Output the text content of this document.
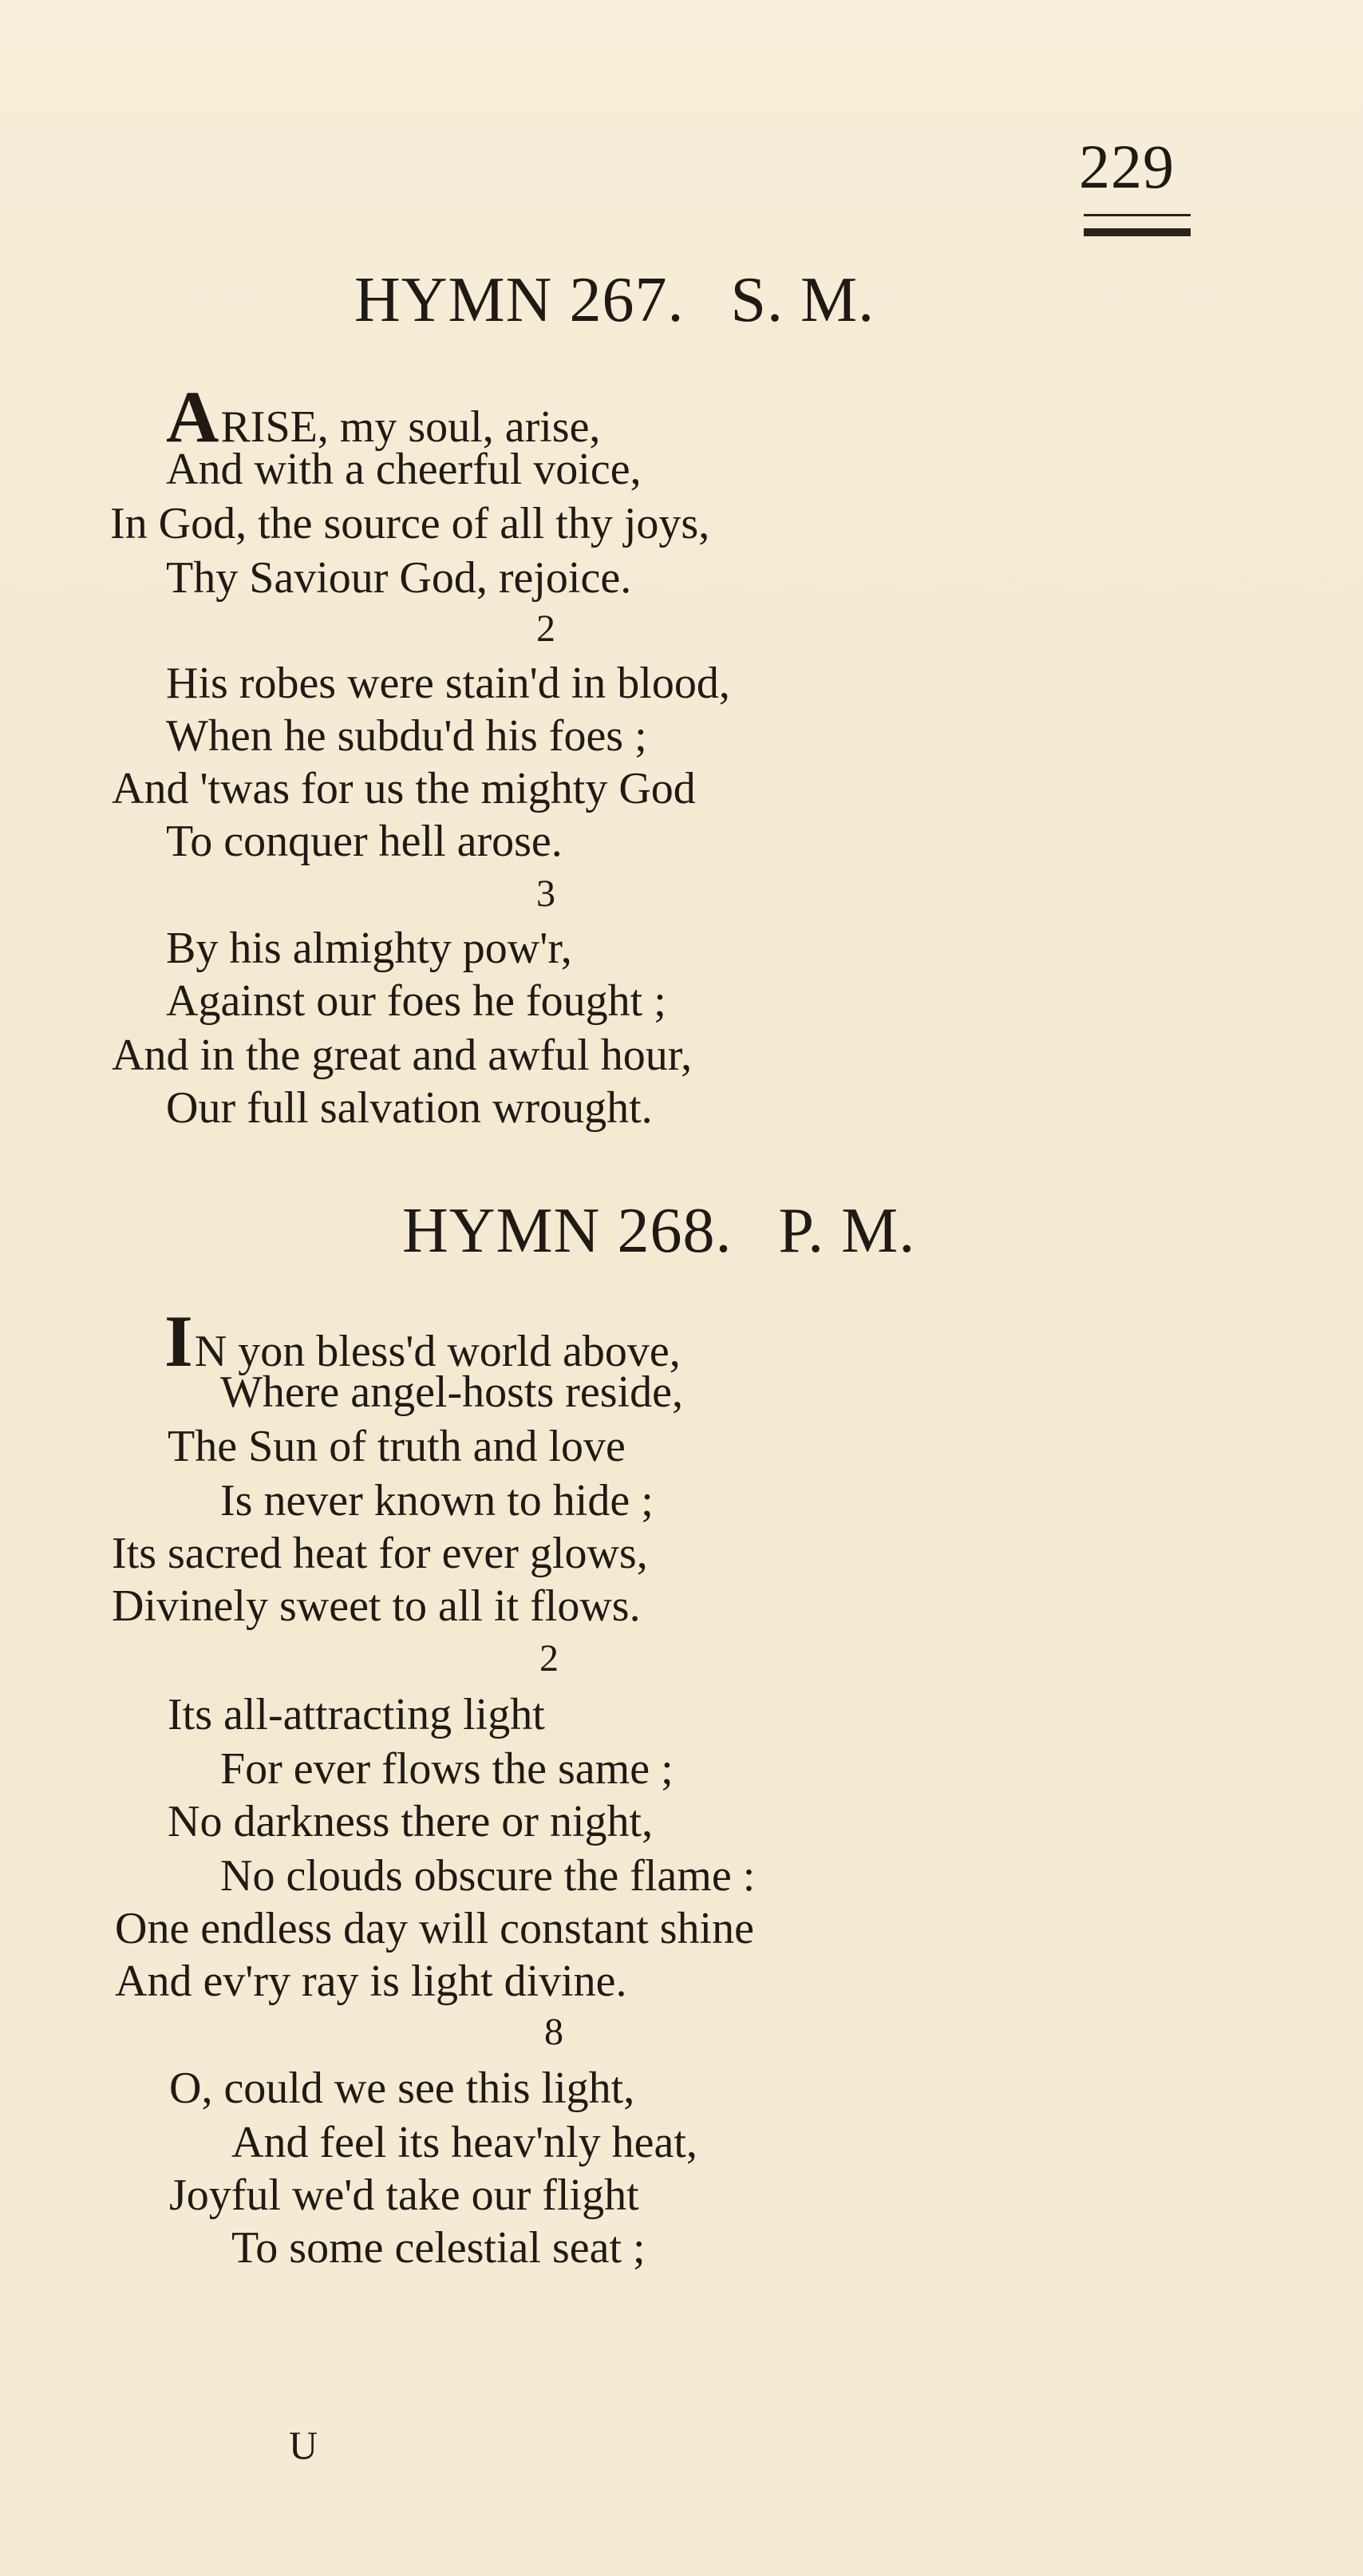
229
HYMN 267. S. M.
ARISE, my soul, arise,
And with a cheerful voice,
In God, the source of all thy joys,
Thy Saviour God, rejoice.
2
His robes were stain'd in blood,
When he subdu'd his foes ;
And 'twas for us the mighty God
To conquer hell arose.
3
By his almighty pow'r,
Against our foes he fought ;
And in the great and awful hour,
Our full salvation wrought.
HYMN 268. P. M.
IN yon bless'd world above,
Where angel-hosts reside,
The Sun of truth and love
Is never known to hide ;
Its sacred heat for ever glows,
Divinely sweet to all it flows.
2
Its all-attracting light
For ever flows the same ;
No darkness there or night,
No clouds obscure the flame :
One endless day will constant shine
And ev'ry ray is light divine.
8
O, could we see this light,
And feel its heav'nly heat,
Joyful we'd take our flight
To some celestial seat ;
U
